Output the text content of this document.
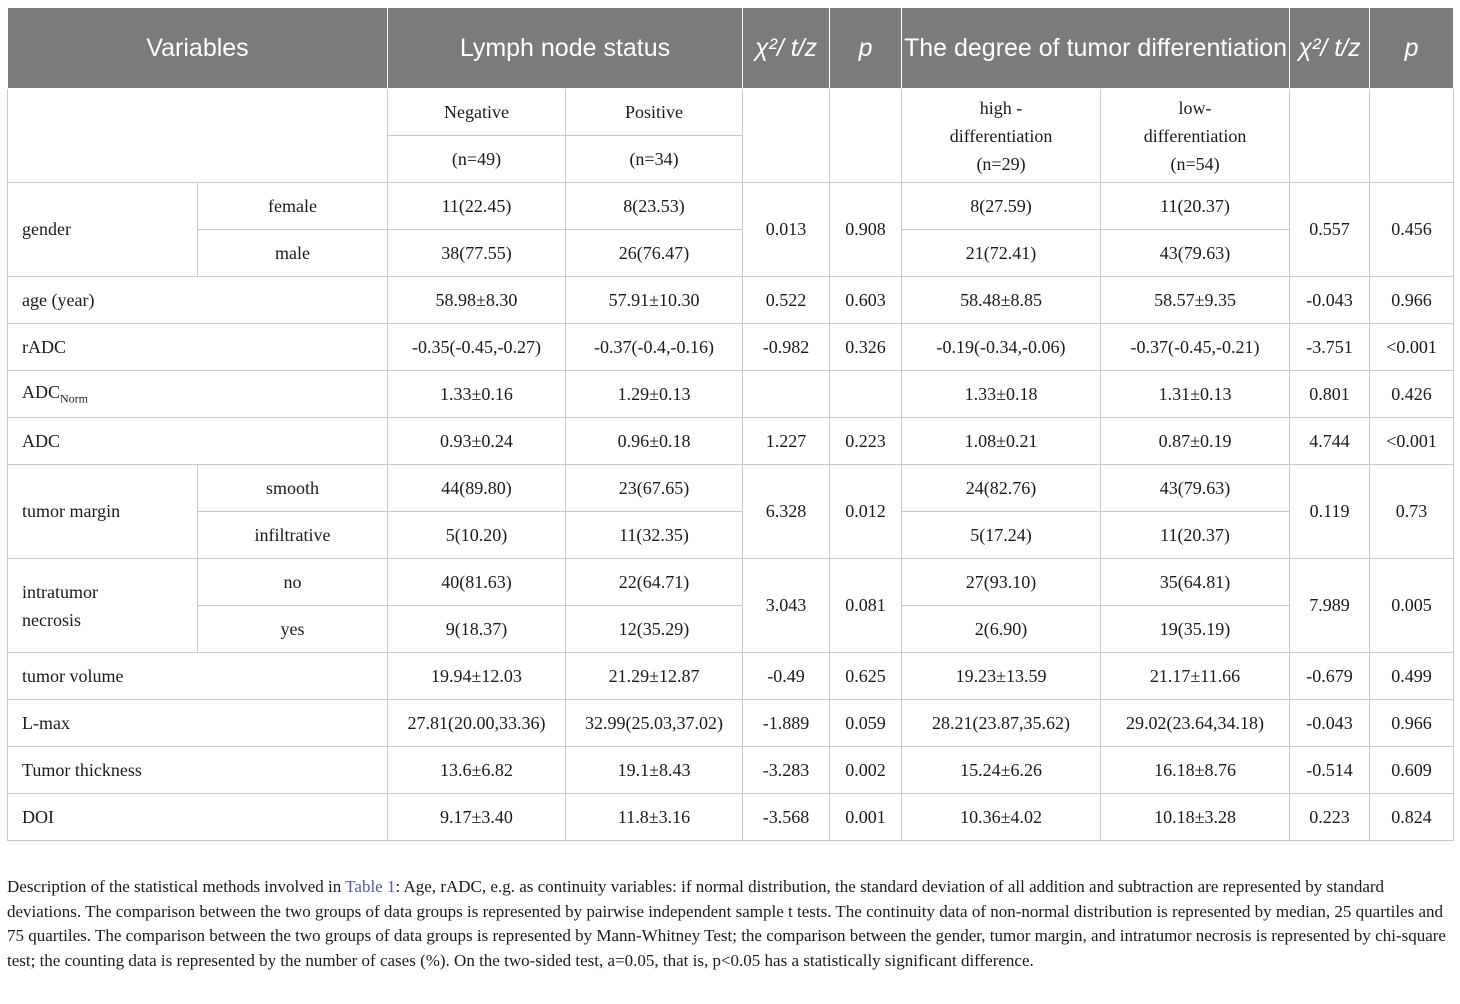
Variables		Lymph node status		χ²/ t/z	p	The degree of tumor differentiation		χ²/ t/z	p
		Negative	Positive			high -differentiation (n=29)	low- differentiation (n=54)		
		(n=49)	(n=34)						
gender	female	11(22.45)	8(23.53)	0.013	0.908	8(27.59)	11(20.37)	0.557	0.456
	male	38(77.55)	26(76.47)			21(72.41)	43(79.63)		
age (year)		58.98±8.30	57.91±10.30	0.522	0.603	58.48±8.85	58.57±9.35	-0.043	0.966
rADC		-0.35(-0.45,-0.27)	-0.37(-0.4,-0.16)	-0.982	0.326	-0.19(-0.34,-0.06)	-0.37(-0.45,-0.21)	-3.751	<0.001
$ADC_{Norm}$		1.33±0.16	1.29±0.13			1.33±0.18	1.31±0.13	0.801	0.426
ADC		0.93±0.24	0.96±0.18	1.227	0.223	1.08±0.21	0.87±0.19	4.744	<0.001
tumor margin	smooth	44(89.80)	23(67.65)	6.328	0.012	24(82.76)	43(79.63)	0.119	0.73
	infiltrative	5(10.20)	11(32.35)			5(17.24)	11(20.37)		
intratumor necrosis	no	40(81.63)	22(64.71)	3.043	0.081	27(93.10)	35(64.81)	7.989	0.005
	yes	9(18.37)	12(35.29)			2(6.90)	19(35.19)		
tumor volume		19.94±12.03	21.29±12.87	-0.49	0.625	19.23±13.59	21.17±11.66	-0.679	0.499
L-max		27.81(20.00,33.36)	32.99(25.03,37.02)	-1.889	0.059	28.21(23.87,35.62)	29.02(23.64,34.18)	-0.043	0.966
Tumor thickness		13.6±6.82	19.1±8.43	-3.283	0.002	15.24±6.26	16.18±8.76	-0.514	0.609
DOI		9.17±3.40	11.8±3.16	-3.568	0.001	10.36±4.02	10.18±3.28	0.223	0.824

Description of the statistical methods involved in Table 1: Age, rADC, e.g. as continuity variables: if normal distribution, the standard deviation of all addition and subtraction are represented by standard deviations. The comparison between the two groups of data groups is represented by pairwise independent sample t tests. The continuity data of non-normal distribution is represented by median, 25 quartiles and 75 quartiles. The comparison between the two groups of data groups is represented by Mann-Whitney Test; the comparison between the gender, tumor margin, and intratumor necrosis is represented by chi-square test; the counting data is represented by the number of cases (%). On the two-sided test, a=0.05, that is, p<0.05 has a statistically significant difference.
